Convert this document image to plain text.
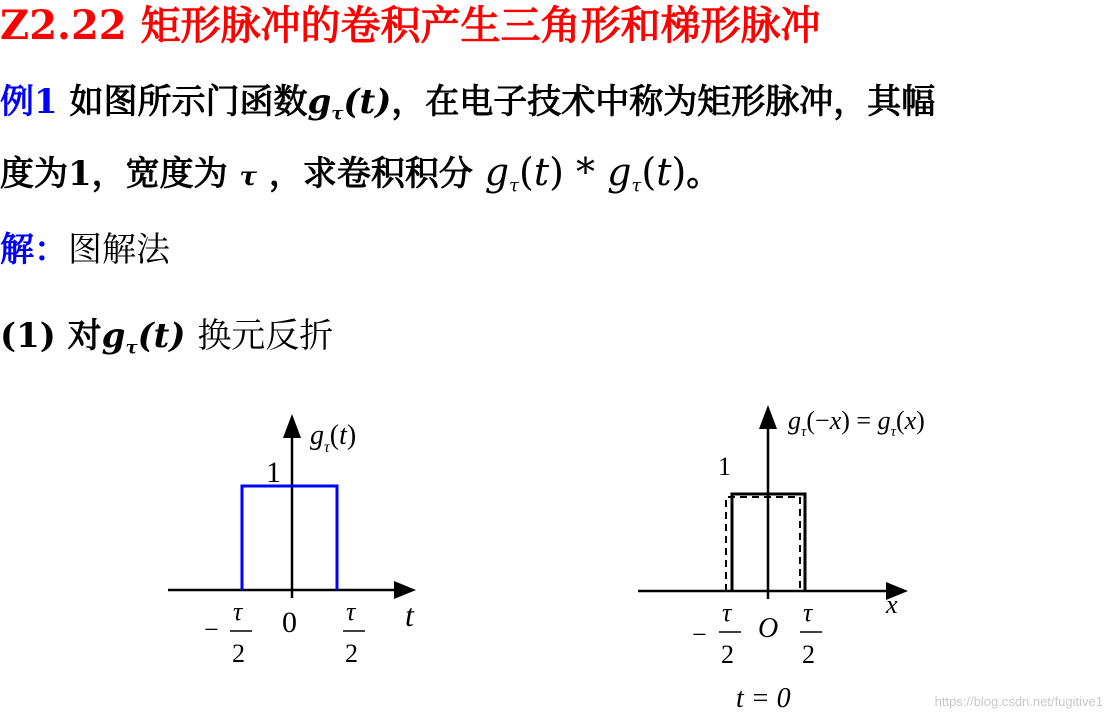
Z2.22 矩形脉冲的卷积产生三角形和梯形脉冲
例1 如图所示门函数$g_\tau(t)$，在电子技术中称为矩形脉冲，其幅
度为1，宽度为 τ ，求卷积积分 $g_\tau(t) * g_\tau(t)$。
解：图解法
(1) 对$g_\tau(t)$ 换元反折
$g_\tau(t)$
1
t
0
−
τ
2
τ
2
$g_\tau(-x) = g_\tau(x)$
1
x
O
−
τ
2
τ
2
t = 0	https://blog.csdn.net/fugitive1
